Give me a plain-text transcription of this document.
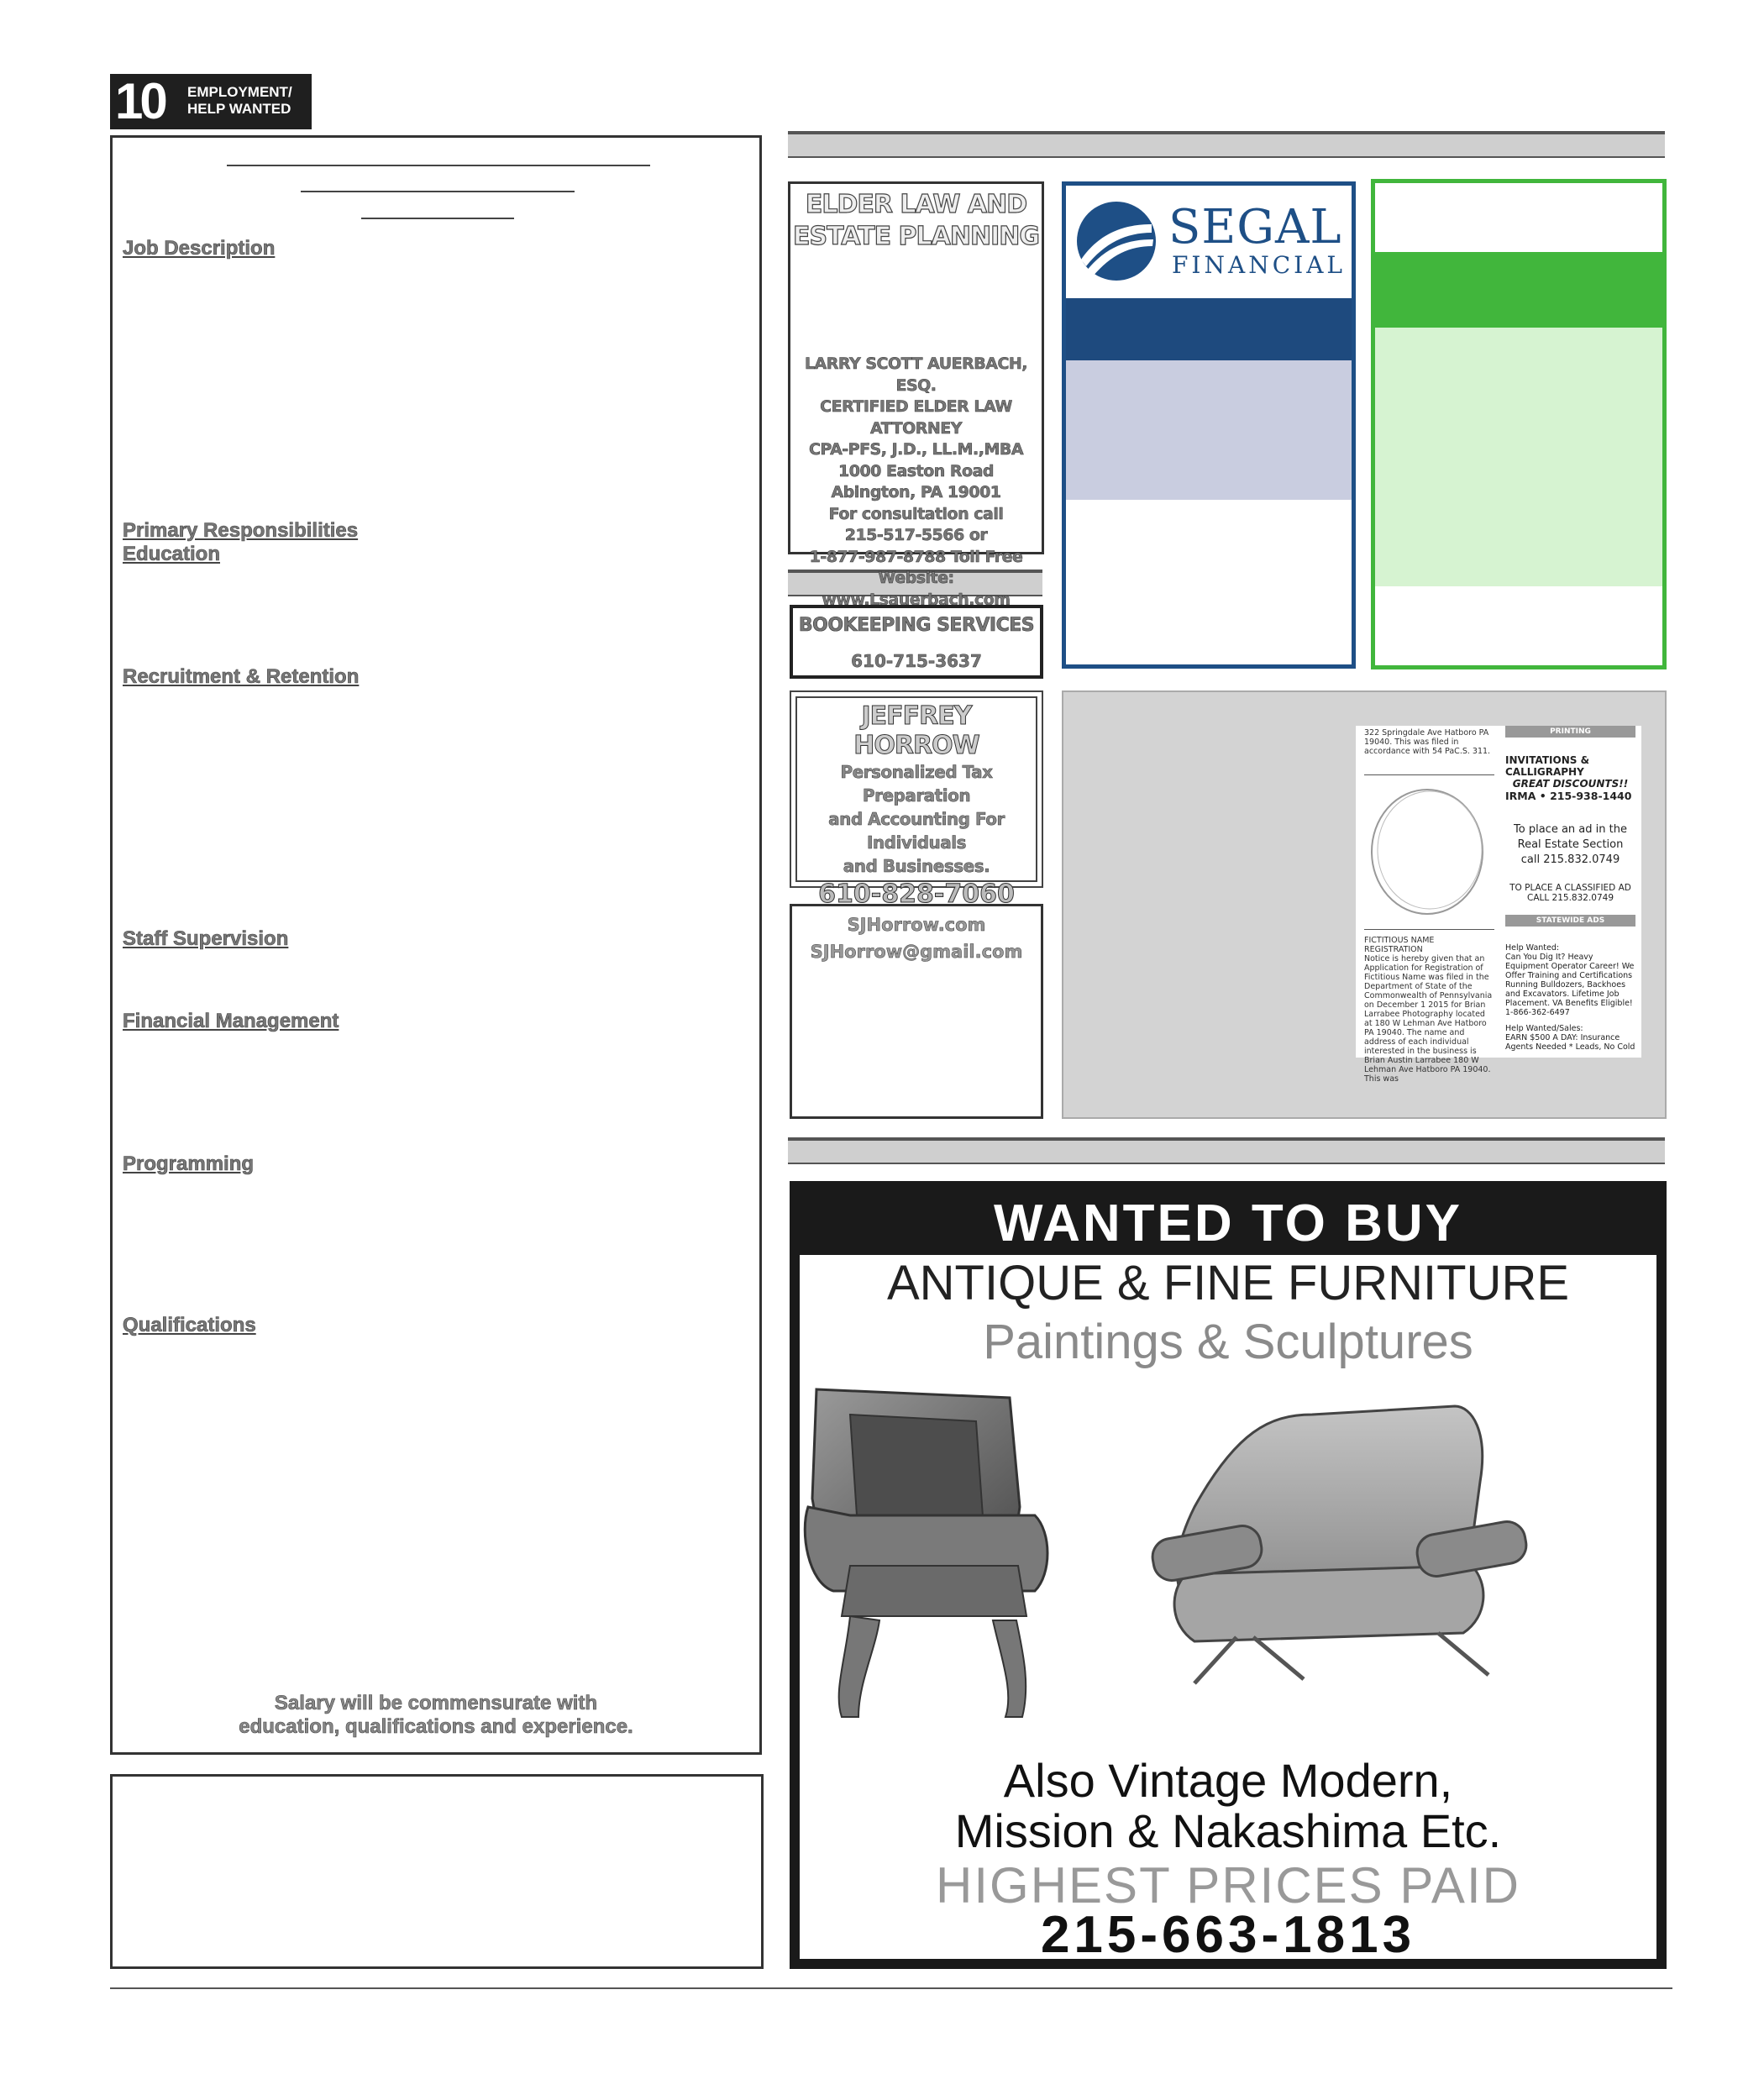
10 EMPLOYMENT/
HELP WANTED
Job Description
Primary Responsibilities
Education
Recruitment & Retention
Staff Supervision
Financial Management
Programming
Qualifications
Salary will be commensurate with
education, qualifications and experience.
ELDER LAW AND
ESTATE PLANNING
LARRY SCOTT AUERBACH, ESQ.
CERTIFIED ELDER LAW ATTORNEY
CPA-PFS, J.D., LL.M.,MBA
1000 Easton Road
Abington, PA 19001
For consultation call
215-517-5566 or
1-877-987-8788 Toll Free
Website: www.Lsauerbach.com
BOOKEEPING SERVICES
610-715-3637
JEFFREY HORROW
Personalized Tax Preparation
and Accounting For Individuals
and Businesses.
610-828-7060
SJHorrow.com
SJHorrow@gmail.com
SEGAL
FINANCIAL
322 Springdale Ave Hatboro PA 19040. This was filed in accordance with 54 PaC.S. 311.
FICTITIOUS NAME REGISTRATION
Notice is hereby given that an Application for Registration of Fictitious Name was filed in the Department of State of the Commonwealth of Pennsylvania on December 1 2015 for Brian Larrabee Photography located at 180 W Lehman Ave Hatboro PA 19040. The name and address of each individual interested in the business is Brian Austin Larrabee 180 W Lehman Ave Hatboro PA 19040. This was
PRINTING
INVITATIONS & CALLIGRAPHY
GREAT DISCOUNTS!!
IRMA • 215-938-1440
To place an ad in the
Real Estate Section
call 215.832.0749
TO PLACE A CLASSIFIED AD
CALL 215.832.0749
STATEWIDE ADS
Help Wanted:
Can You Dig It? Heavy Equipment Operator Career! We Offer Training and Certifications Running Bulldozers, Backhoes and Excavators. Lifetime Job Placement. VA Benefits Eligible! 1-866-362-6497
Help Wanted/Sales:
EARN $500 A DAY: Insurance Agents Needed * Leads, No Cold
WANTED TO BUY
ANTIQUE & FINE FURNITURE
Paintings & Sculptures
Also Vintage Modern,
Mission & Nakashima Etc.
HIGHEST PRICES PAID
215-663-1813
